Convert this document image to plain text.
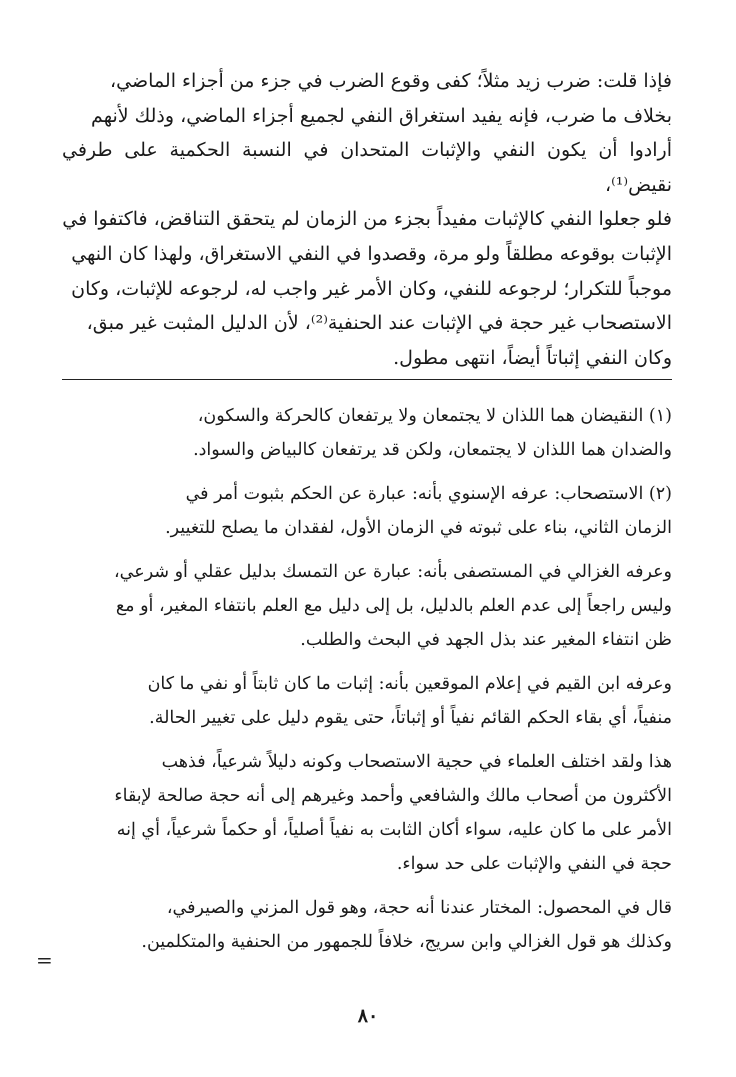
فإذا قلت: ضرب زيد مثلاً؛ كفى وقوع الضرب في جزء من أجزاء الماضي،

بخلاف ما ضرب، فإنه يفيد استغراق النفي لجميع أجزاء الماضي، وذلك لأنهم

أرادوا أن يكون النفي والإثبات المتحدان في النسبة الحكمية على طرفي نقيض⁽¹⁾،

فلو جعلوا النفي كالإثبات مفيداً بجزء من الزمان لم يتحقق التناقض، فاكتفوا في

الإثبات بوقوعه مطلقاً ولو مرة، وقصدوا في النفي الاستغراق، ولهذا كان النهي

موجباً للتكرار؛ لرجوعه للنفي، وكان الأمر غير واجب له، لرجوعه للإثبات، وكان

الاستصحاب غير حجة في الإثبات عند الحنفية⁽²⁾، لأن الدليل المثبت غير مبق،

وكان النفي إثباتاً أيضاً، انتهى مطول.

(١) النقيضان هما اللذان لا يجتمعان ولا يرتفعان كالحركة والسكون،

والضدان هما اللذان لا يجتمعان، ولكن قد يرتفعان كالبياض والسواد.

(٢) الاستصحاب: عرفه الإسنوي بأنه: عبارة عن الحكم بثبوت أمر في

الزمان الثاني، بناء على ثبوته في الزمان الأول، لفقدان ما يصلح للتغيير.

وعرفه الغزالي في المستصفى بأنه: عبارة عن التمسك بدليل عقلي أو شرعي،

وليس راجعاً إلى عدم العلم بالدليل، بل إلى دليل مع العلم بانتفاء المغير، أو مع

ظن انتفاء المغير عند بذل الجهد في البحث والطلب.

وعرفه ابن القيم في إعلام الموقعين بأنه: إثبات ما كان ثابتاً أو نفي ما كان

منفياً، أي بقاء الحكم القائم نفياً أو إثباتاً، حتى يقوم دليل على تغيير الحالة.

هذا ولقد اختلف العلماء في حجية الاستصحاب وكونه دليلاً شرعياً، فذهب

الأكثرون من أصحاب مالك والشافعي وأحمد وغيرهم إلى أنه حجة صالحة لإبقاء

الأمر على ما كان عليه، سواء أكان الثابت به نفياً أصلياً، أو حكماً شرعياً، أي إنه

حجة في النفي والإثبات على حد سواء.

قال في المحصول: المختار عندنا أنه حجة، وهو قول المزني والصيرفي،

وكذلك هو قول الغزالي وابن سريج، خلافاً للجمهور من الحنفية والمتكلمين.

=
٨٠
